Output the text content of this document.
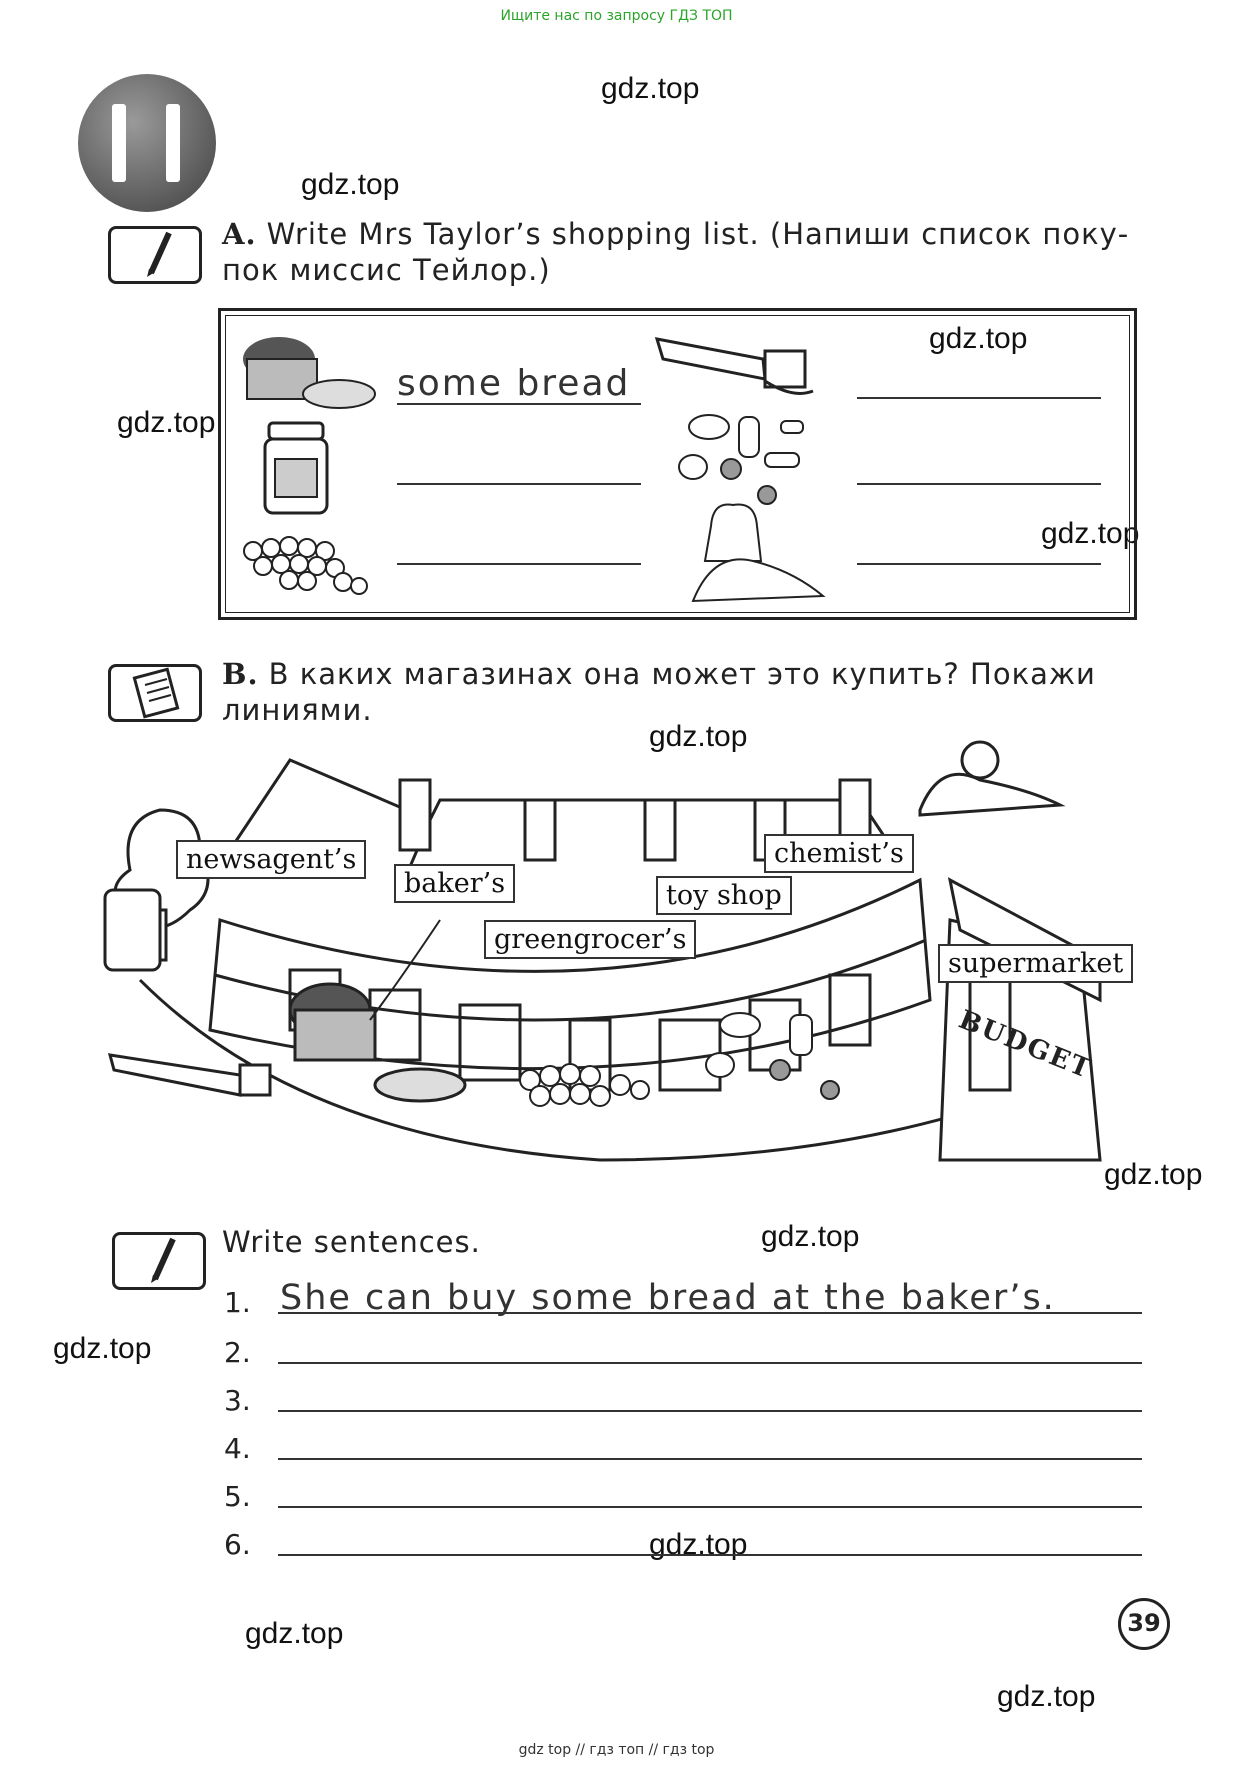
Ищите нас по запросу ГДЗ ТОП
gdz.top
gdz.top
gdz.top
gdz.top
gdz.top
gdz.top
gdz.top
gdz.top
gdz.top
gdz.top
gdz.top
gdz.top
A. Write Mrs Taylor’s shopping list. (Напиши список поку-
пок миссис Тейлор.)
some bread
B. В каких магазинах она может это купить? Покажи
линиями.
newsagent’s
baker’s
greengrocer’s
toy shop
chemist’s
supermarket
BUDGET
Write sentences.
1. She can buy some bread at the baker’s.
2.
3.
4.
5.
6.
39
gdz top // гдз топ // гдз top
